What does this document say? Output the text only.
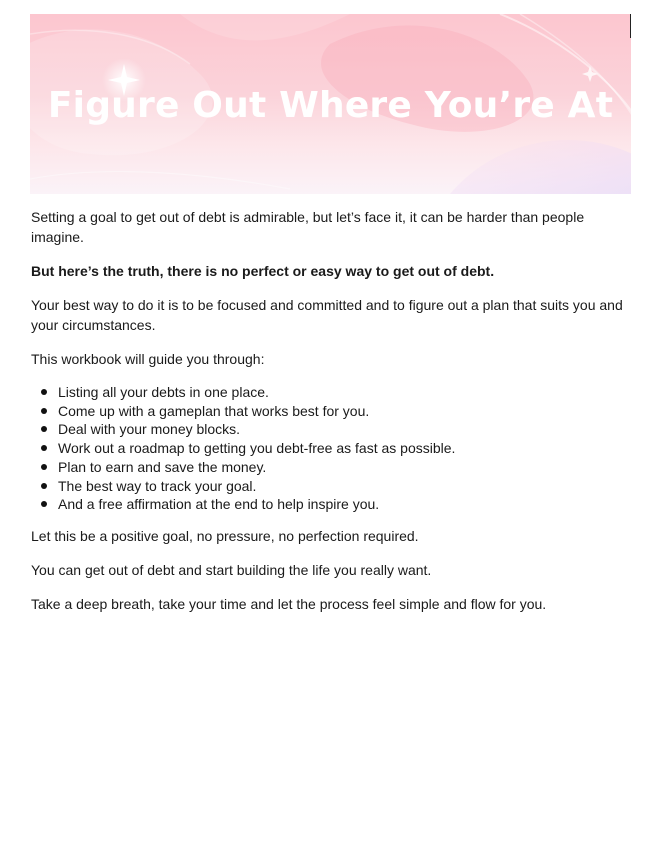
Figure Out Where You’re At

Setting a goal to get out of debt is admirable, but let’s face it, it can be harder than people imagine.

But here’s the truth, there is no perfect or easy way to get out of debt.

Your best way to do it is to be focused and committed and to figure out a plan that suits you and your circumstances.

This workbook will guide you through:

Listing all your debts in one place.
Come up with a gameplan that works best for you.
Deal with your money blocks.
Work out a roadmap to getting you debt-free as fast as possible.
Plan to earn and save the money.
The best way to track your goal.
And a free affirmation at the end to help inspire you.

Let this be a positive goal, no pressure, no perfection required.

You can get out of debt and start building the life you really want.

Take a deep breath, take your time and let the process feel simple and flow for you.
